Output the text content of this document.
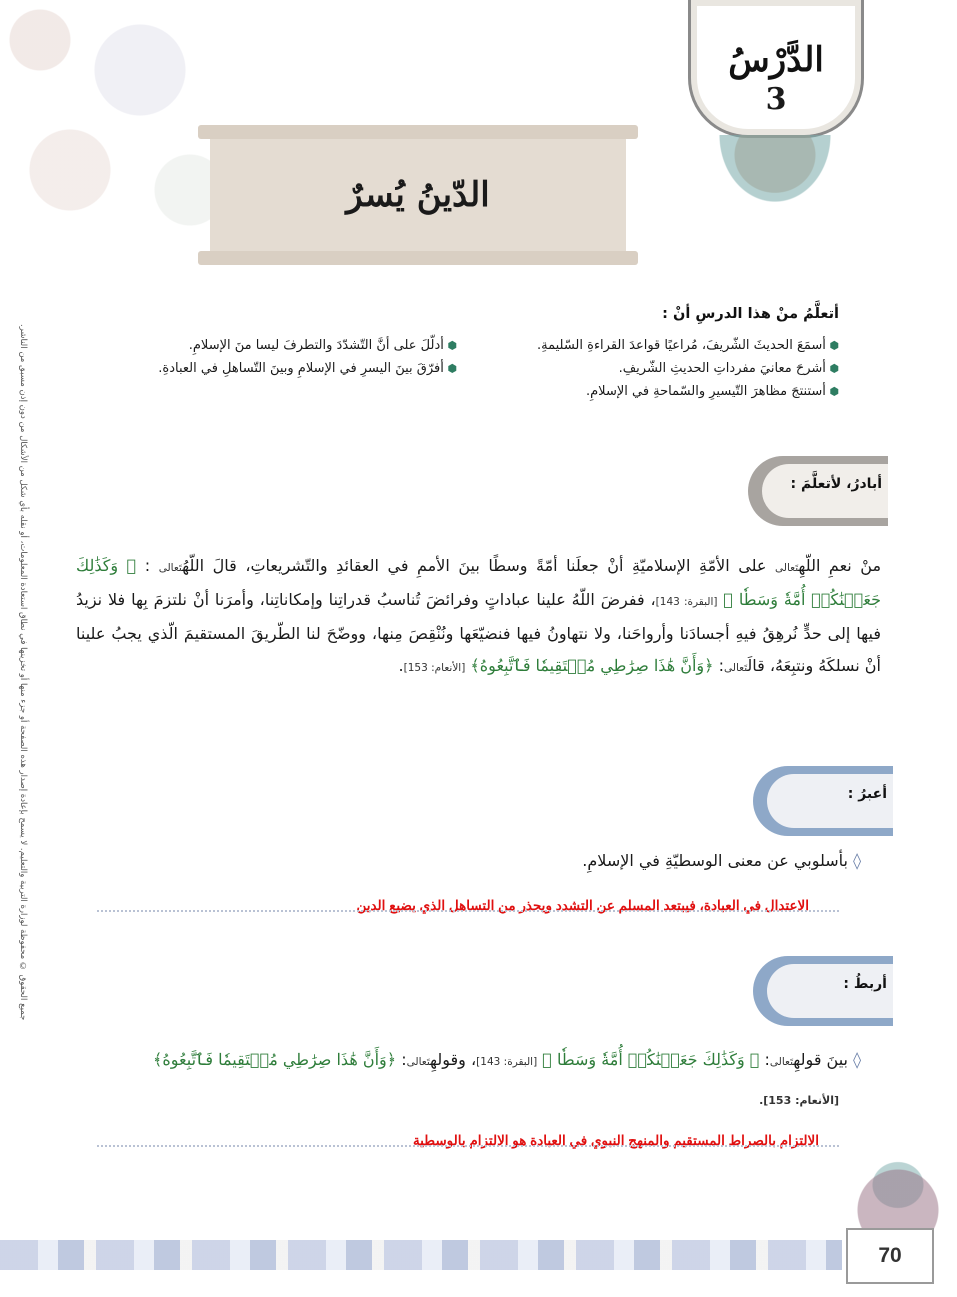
الدَّرْسُ
3
الدّينُ يُسرٌ
جميع الحقوق © محفوظة لوزارة التربية والتعليم. لا يسمح بإعادة إصدار هذه الصفحة أو جزء منها أو تخزينها في نطاق استعادة المعلومات، أو نقله بأي شكل من الأشكال من دون إذن مسبق من الناشر.
أتعلَّمُ منْ هذا الدرسِ أنْ :
⬢ أسمَعَ الحديثَ الشّريفَ، مُراعيًا قواعدَ القراءةِ السّليمةِ.
⬢ أشرحَ معانيَ مفرداتِ الحديثِ الشّريفِ.
⬢ أستنتجَ مظاهرَ التّيسيرِ والسّماحةِ في الإسلامِ.
⬢ أدلّلَ على أنَّ التّشدّدَ والتطرفَ ليسا منَ الإسلامِ.
⬢ أفرّقَ بينَ اليسرِ في الإسلامِ وبينَ التّساهلِ في العبادةِ.
أبادرُ، لأتعلَّمَ :
منْ نعمِ اللّهِتَعالى على الأمّةِ الإسلاميّةِ أنْ جعلَنا أمّةً وسطًا بينَ الأممِ في العقائدِ والتّشريعاتِ، قالَ اللّهُتَعالى : ﴿ وَكَذَٰلِكَ جَعَلۡنَٰكُمۡ أُمَّةٗ وَسَطٗا ﴾ [البقرة: 143]، ففرضَ اللّهُ علينا عباداتٍ وفرائضَ تُناسبُ قدراتِنا وإمكاناتِنا، وأمرَنا أنْ نلتزمَ بِها فلا نزيدُ فيها إلى حدٍّ نُرهِقُ فيهِ أجسادَنا وأرواحَنا، ولا نتهاونُ فيها فنضيّعَها ونُنْقِصَ مِنها، ووضّحَ لنا الطّريقَ المستقيمَ الّذي يجبُ علينا أنْ نسلكَهُ ونتبِعَهُ، قالَتَعالى: ﴿وَأَنَّ هَٰذَا صِرَٰطِي مُسۡتَقِيمٗا فَٱتَّبِعُوهُ﴾ [الأنعام: 153].
أعبرُ :
◊ بأسلوبي عن معنى الوسطيّةِ في الإسلامِ.
الاعتدال في العبادة، فيبتعد المسلم عن التشدد ويحذر من التساهل الذي يضيع الدين
أربطُ :
◊ بينَ قولهِتَعالى: ﴿ وَكَذَٰلِكَ جَعَلۡنَٰكُمۡ أُمَّةٗ وَسَطٗا ﴾ [البقرة: 143]، وقولهِتَعالى: ﴿وَأَنَّ هَٰذَا صِرَٰطِي مُسۡتَقِيمٗا فَٱتَّبِعُوهُ﴾
[الأنعام: 153].
الالتزام بالصراط المستقيم والمنهج النبوي في العبادة هو الالتزام بالوسطية
70
